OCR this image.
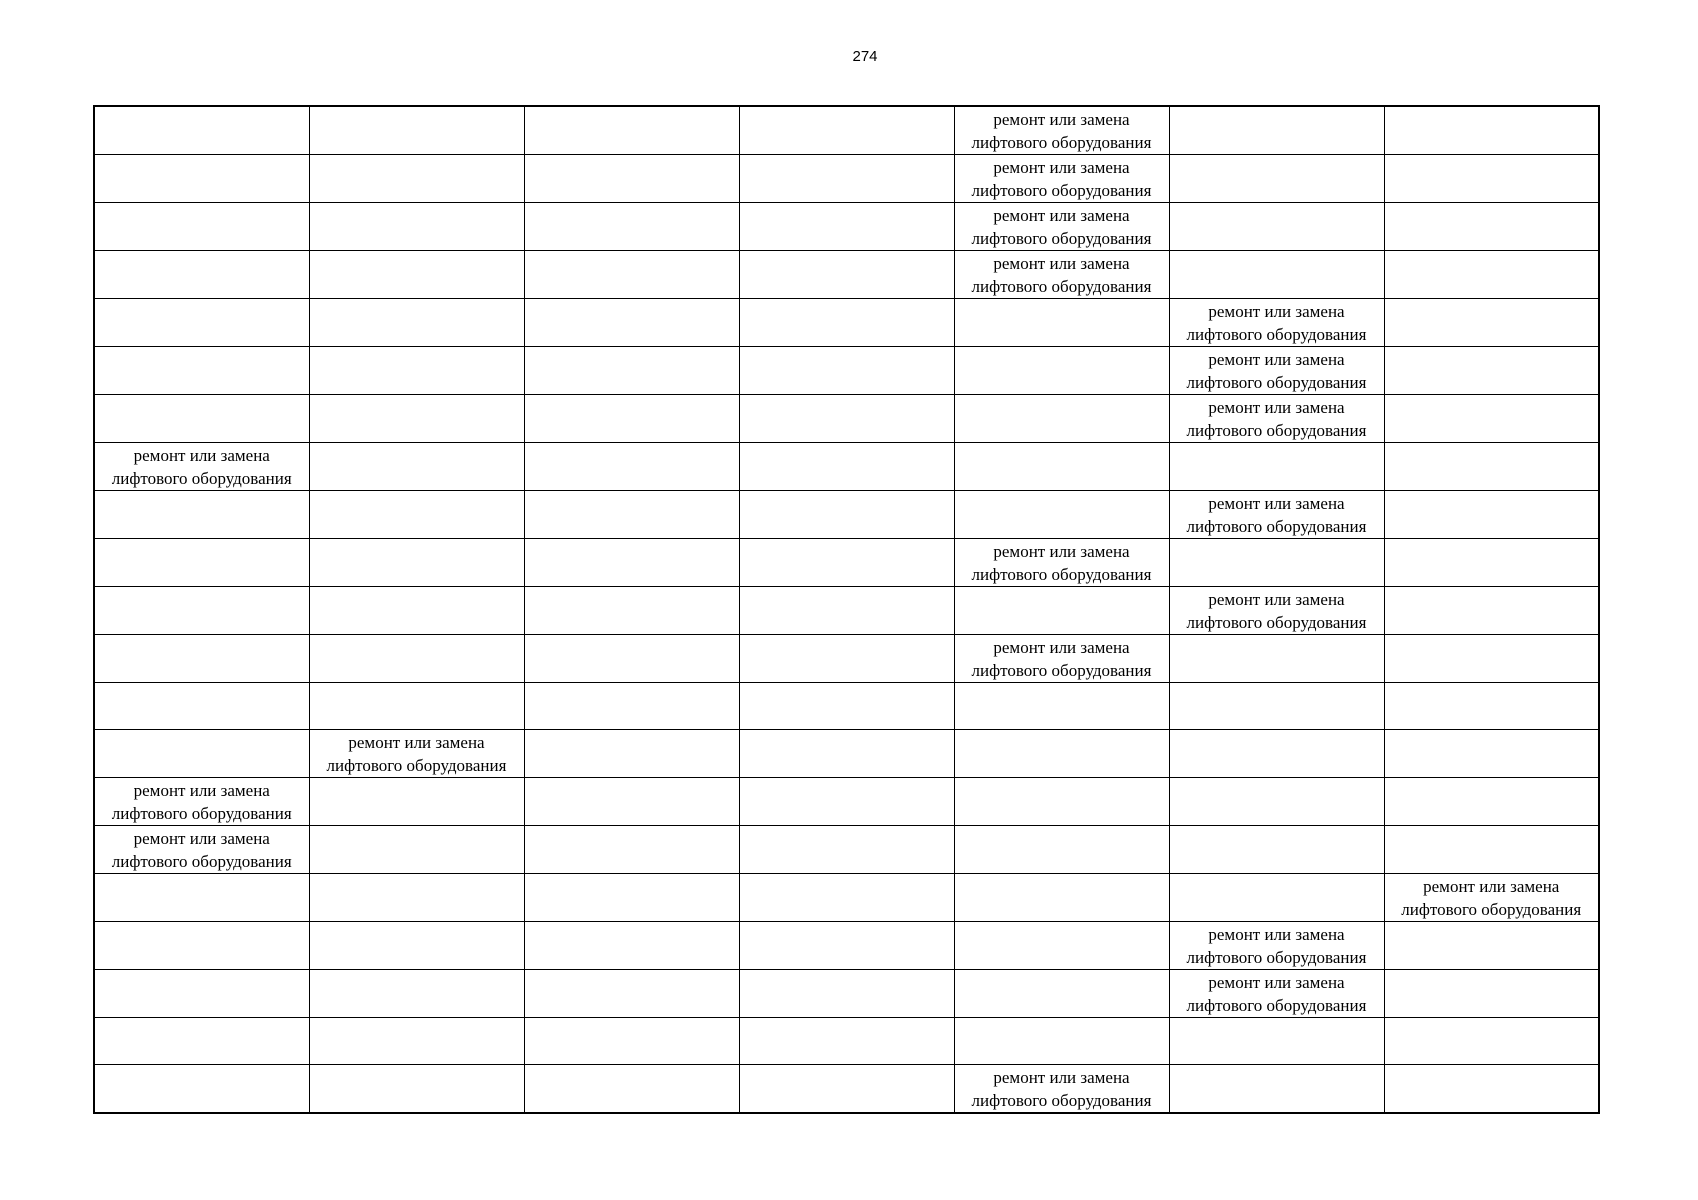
274

				ремонт или замена
лифтового оборудования		

				ремонт или замена
лифтового оборудования		

				ремонт или замена
лифтового оборудования		

				ремонт или замена
лифтового оборудования		

					ремонт или замена
лифтового оборудования	

					ремонт или замена
лифтового оборудования	

					ремонт или замена
лифтового оборудования	

ремонт или замена
лифтового оборудования						

					ремонт или замена
лифтового оборудования	

				ремонт или замена
лифтового оборудования		

					ремонт или замена
лифтового оборудования	

				ремонт или замена
лифтового оборудования		

	ремонт или замена
лифтового оборудования					

ремонт или замена
лифтового оборудования						

ремонт или замена
лифтового оборудования						

						ремонт или замена
лифтового оборудования

					ремонт или замена
лифтового оборудования	

					ремонт или замена
лифтового оборудования	

				ремонт или замена
лифтового оборудования		
